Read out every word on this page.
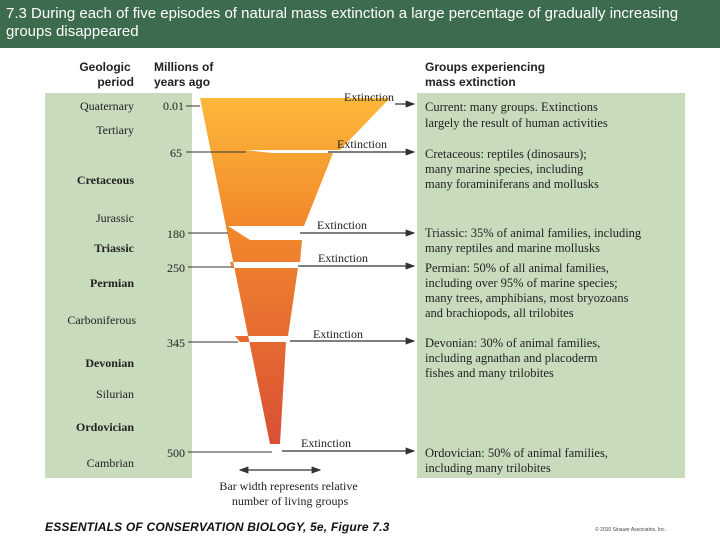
7.3 During each of five episodes of natural mass extinction a large percentage of gradually increasing groups disappeared
Geologic period
Millions of years ago
Groups experiencing mass extinction
Quaternary
Tertiary
Cretaceous
Jurassic
Triassic
Permian
Carboniferous
Devonian
Silurian
Ordovician
Cambrian
0.01
65
180
250
345
500
Extinction
Extinction
Extinction
Extinction
Extinction
Extinction
Current: many groups. Extinctions largely the result of human activities
Cretaceous: reptiles (dinosaurs); many marine species, including many foraminiferans and mollusks
Triassic: 35% of animal families, including many reptiles and marine mollusks
Permian: 50% of all animal families, including over 95% of marine species; many trees, amphibians, most bryozoans and brachiopods, all trilobites
Devonian: 30% of animal families, including agnathan and placoderm fishes and many trilobites
Ordovician: 50% of animal families, including many trilobites
Bar width represents relative number of living groups
ESSENTIALS OF CONSERVATION BIOLOGY, 5e, Figure 7.3	© 2010 Sinauer Associates, Inc.
